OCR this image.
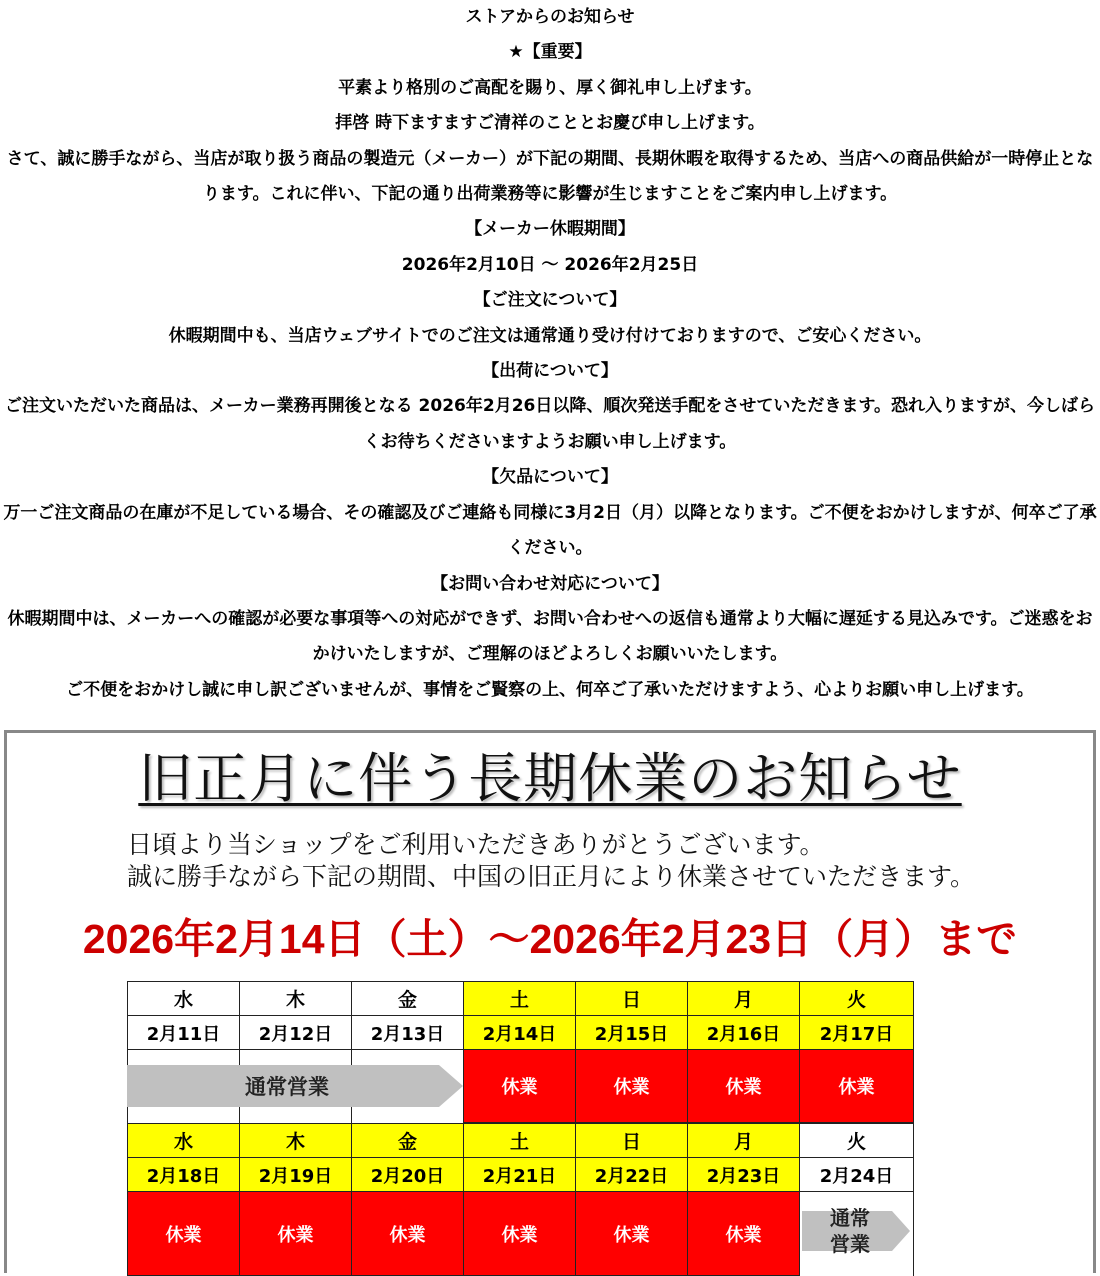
ストアからのお知らせ

★【重要】

平素より格別のご高配を賜り、厚く御礼申し上げます。

拝啓 時下ますますご清祥のこととお慶び申し上げます。

さて、誠に勝手ながら、当店が取り扱う商品の製造元（メーカー）が下記の期間、長期休暇を取得するため、当店への商品供給が一時停止となります。これに伴い、下記の通り出荷業務等に影響が生じますことをご案内申し上げます。

【メーカー休暇期間】

2026年2月10日 〜 2026年2月25日

【ご注文について】

休暇期間中も、当店ウェブサイトでのご注文は通常通り受け付けておりますので、ご安心ください。

【出荷について】

ご注文いただいた商品は、メーカー業務再開後となる 2026年2月26日以降、順次発送手配をさせていただきます。恐れ入りますが、今しばらくお待ちくださいますようお願い申し上げます。

【欠品について】

万一ご注文商品の在庫が不足している場合、その確認及びご連絡も同様に3月2日（月）以降となります。ご不便をおかけしますが、何卒ご了承ください。

【お問い合わせ対応について】

休暇期間中は、メーカーへの確認が必要な事項等への対応ができず、お問い合わせへの返信も通常より大幅に遅延する見込みです。ご迷惑をおかけいたしますが、ご理解のほどよろしくお願いいたします。

ご不便をおかけし誠に申し訳ございませんが、事情をご賢察の上、何卒ご了承いただけますよう、心よりお願い申し上げます。

旧正月に伴う長期休業のお知らせ

日頃より当ショップをご利用いただきありがとうございます。

誠に勝手ながら下記の期間、中国の旧正月により休業させていただきます。

2026年2月14日（土）〜2026年2月23日（月）まで
水	木	金	土	日	月	火
2月11日	2月12日	2月13日	2月14日	2月15日	2月16日	2月17日
通常営業	休業	休業	休業	休業
水	木	金	土	日	月	火
2月18日	2月19日	2月20日	2月21日	2月22日	2月23日	2月24日
休業	休業	休業	休業	休業	休業
通常
営業
